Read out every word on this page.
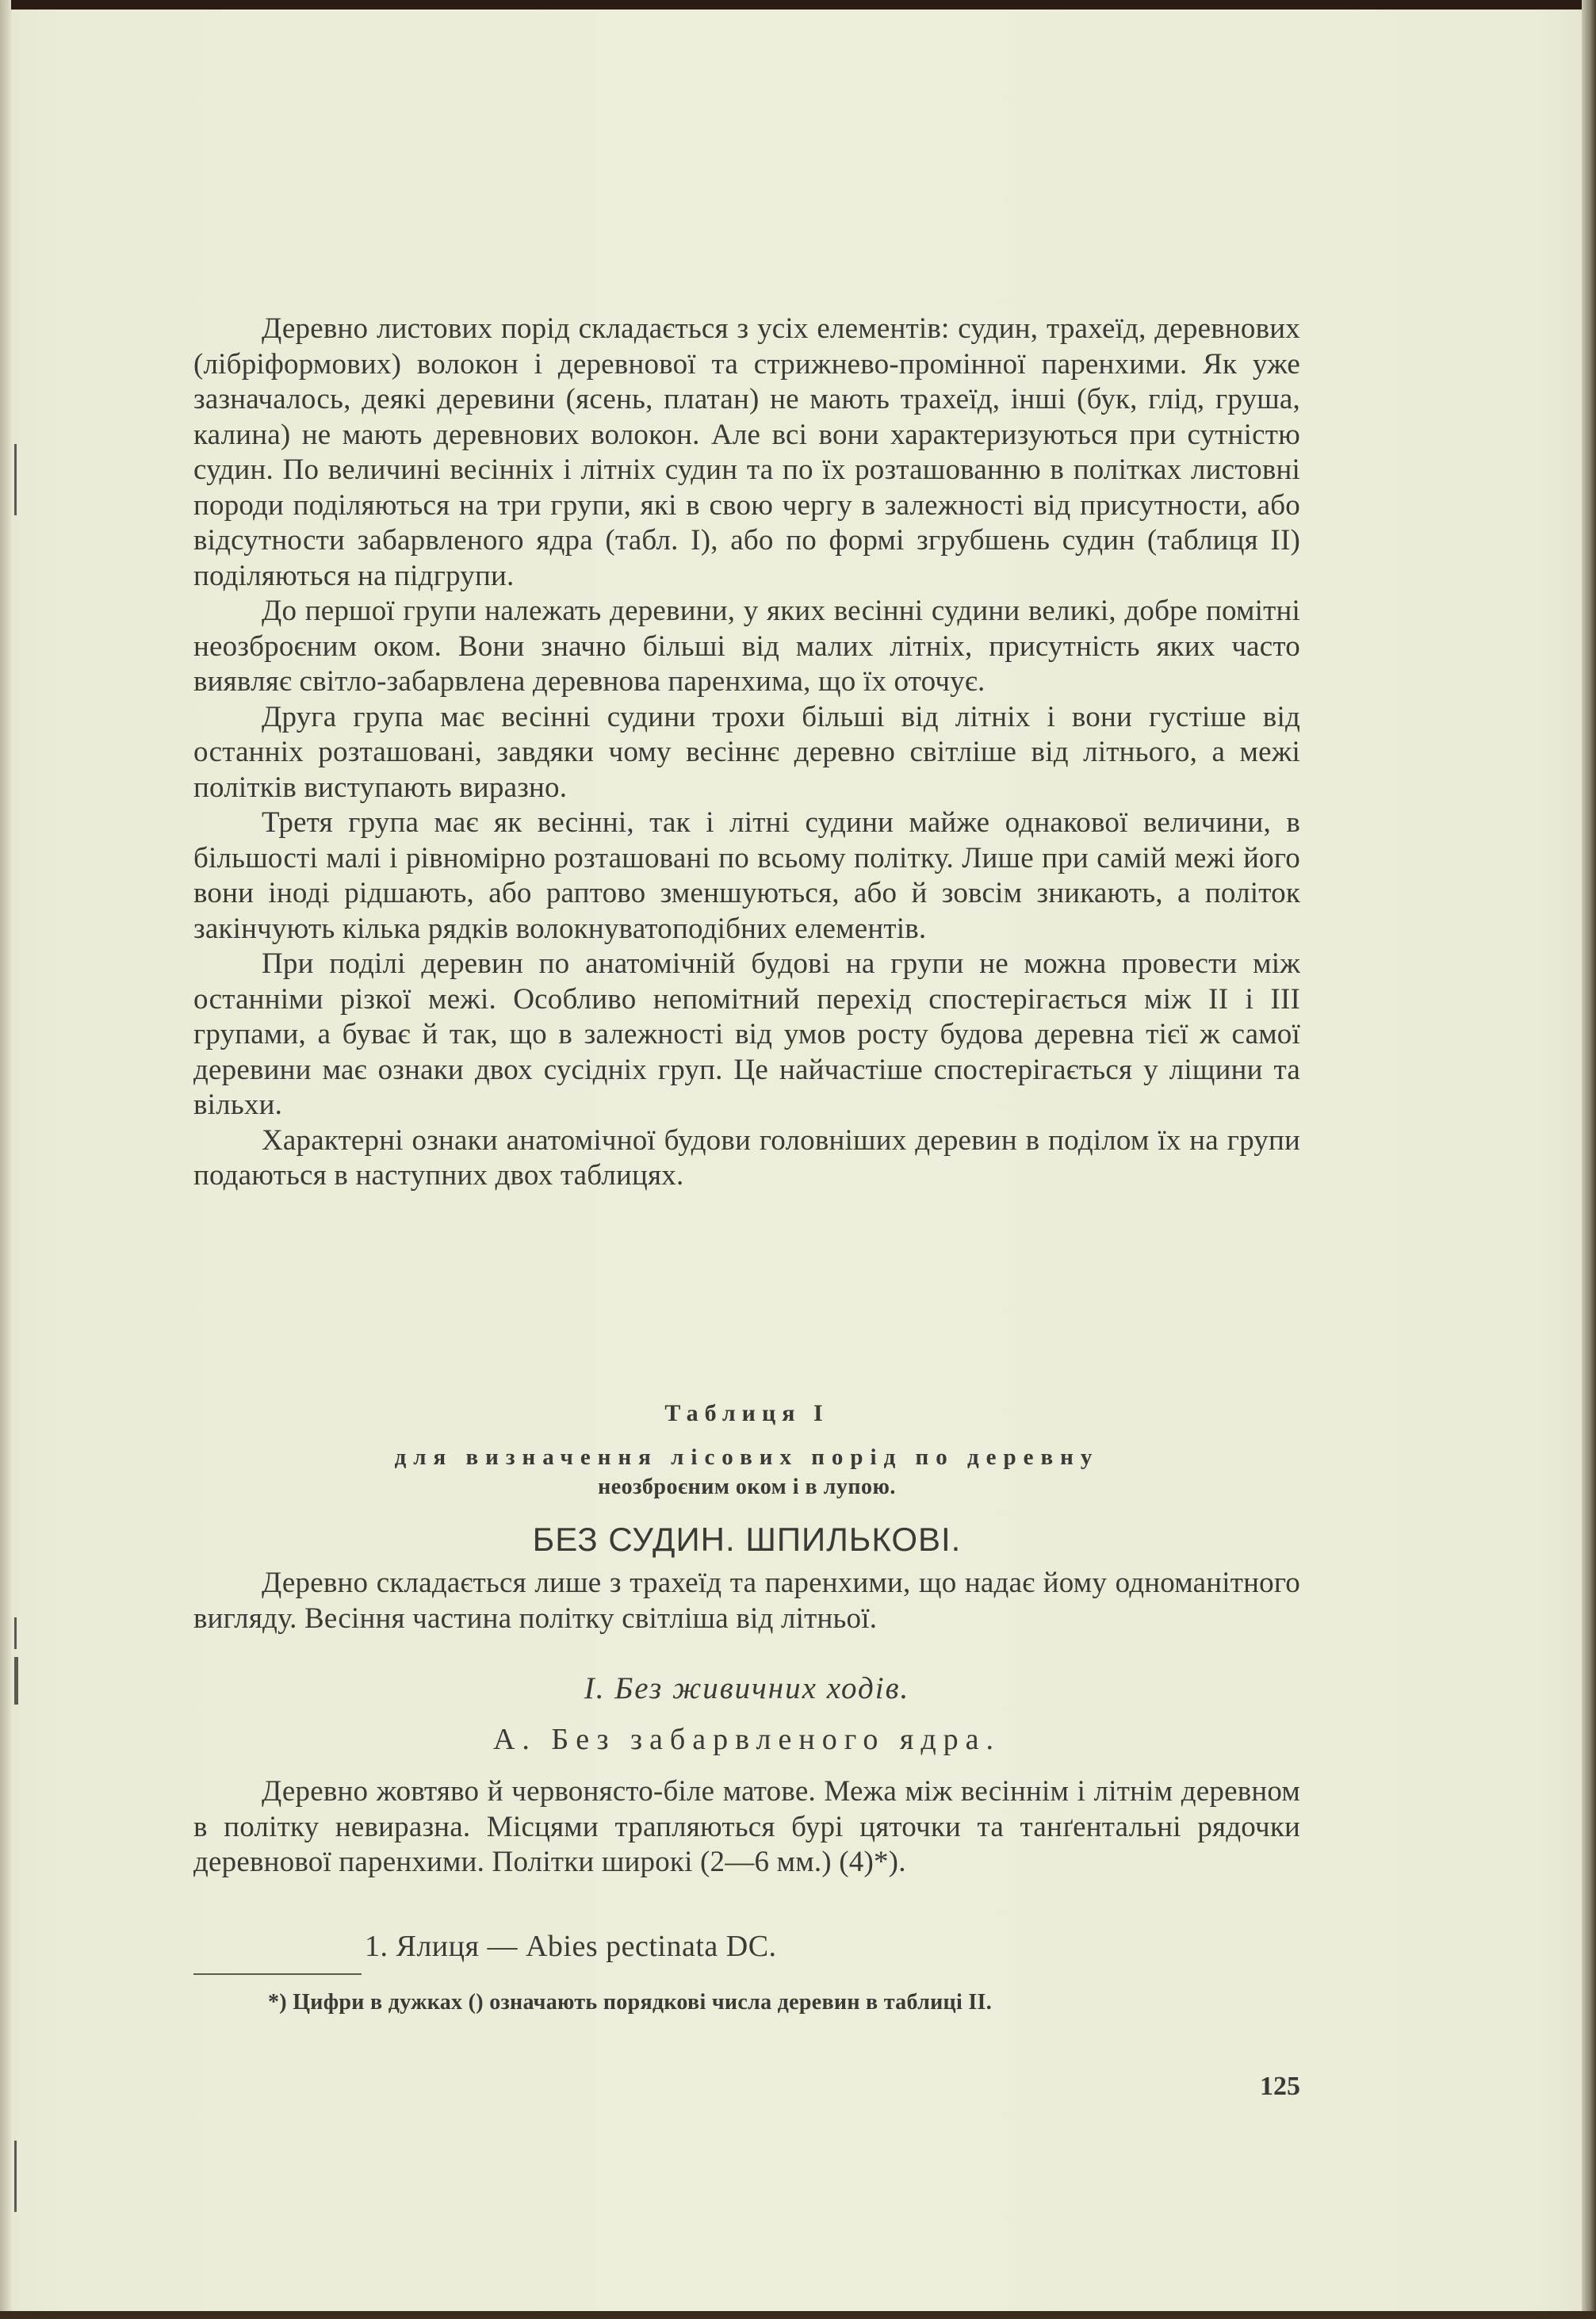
Деревно листових порід складається з усіх елементів: судин, трахеїд, деревнових (лібріформових) волокон і деревнової та стрижнево-промінної паренхими. Як уже зазначалось, деякі деревини (ясень, платан) не мають трахеїд, інші (бук, глід, груша, калина) не мають деревнових волокон. Але всі вони характеризуються при сутністю судин. По величині весінніх і літніх судин та по їх розташованню в політках листовні породи поділяються на три групи, які в свою чергу в залежності від присутности, або відсутности забарвленого ядра (табл. I), або по формі згрубшень судин (таблиця II) поділяються на підгрупи.

До першої групи належать деревини, у яких весінні судини великі, добре помітні неозброєним оком. Вони значно більші від малих літніх, присутність яких часто виявляє світло-забарвлена деревнова паренхима, що їх оточує.

Друга група має весінні судини трохи більші від літніх і вони густіше від останніх розташовані, завдяки чому весіннє деревно світліше від літнього, а межі політків виступають виразно.

Третя група має як весінні, так і літні судини майже однакової величини, в більшості малі і рівномірно розташовані по всьому політку. Лише при самій межі його вони іноді рідшають, або раптово зменшуються, або й зовсім зникають, а політок закінчують кілька рядків волокнуватоподібних елементів.

При поділі деревин по анатомічній будові на групи не можна провести між останніми різкої межі. Особливо непомітний перехід спостерігається між II і III групами, а буває й так, що в залежності від умов росту будова деревна тієї ж самої деревини має ознаки двох сусідніх груп. Це найчастіше спостерігається у ліщини та вільхи.

Характерні ознаки анатомічної будови головніших деревин в поділом їх на групи подаються в наступних двох таблицях.

Таблиця I
для визначення лісових порід по деревну
неозброєним оком і в лупою.
БЕЗ СУДИН. ШПИЛЬКОВІ.

Деревно складається лише з трахеїд та паренхими, що надає йому одноманітного вигляду. Весіння частина політку світліша від літньої.

I. Без живичних ходів.
А. Без забарвленого ядра.

Деревно жовтяво й червонясто-біле матове. Межа між весіннім і літнім деревном в політку невиразна. Місцями трапляються бурі цяточки та танґентальні рядочки деревнової паренхими. Політки широкі (2—6 мм.) (4)*).

1. Ялиця — Abies pectinata DC.
*) Цифри в дужках () означають порядкові числа деревин в таблиці II.
125
